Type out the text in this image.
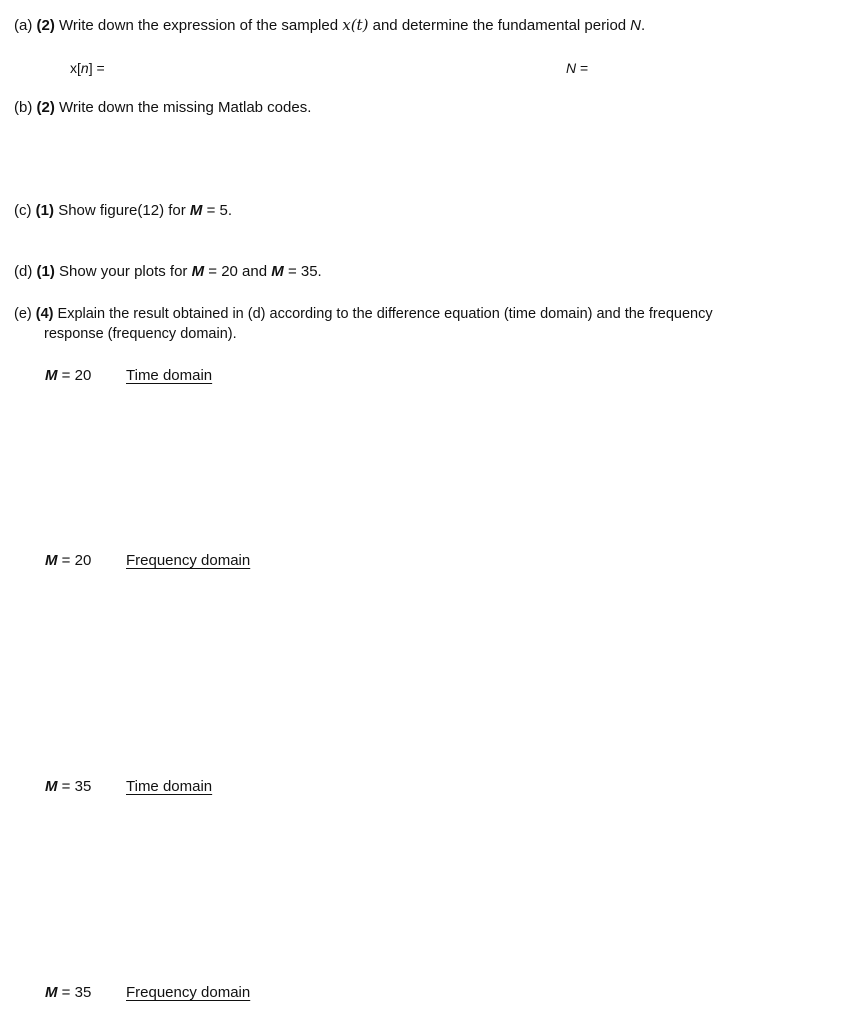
(a) (2) Write down the expression of the sampled x(t) and determine the fundamental period N.
x[n] =	N =
(b) (2) Write down the missing Matlab codes.
(c) (1) Show figure(12) for M = 5.
(d) (1) Show your plots for M = 20 and M = 35.
(e) (4) Explain the result obtained in (d) according to the difference equation (time domain) and the frequency
response (frequency domain).
M = 20 Time domain
M = 20 Frequency domain
M = 35 Time domain
M = 35 Frequency domain
